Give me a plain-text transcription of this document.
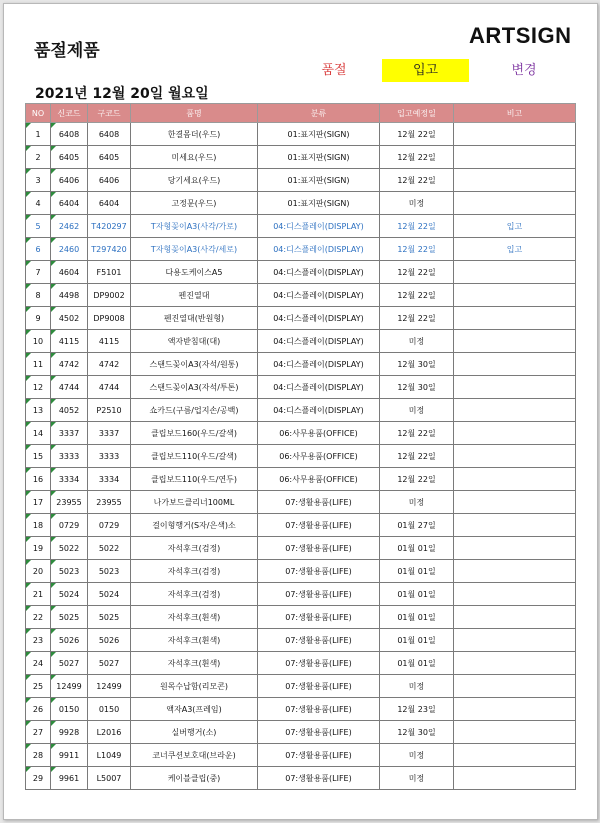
품절제품
ARTSIGN
품절	입고	변경
2021년 12월 20일 월요일
NO	신코드	구코드	품명	분류	입고예정일	비고
1	6408	6408	한결몸더(우드)	01:표지판(SIGN)	12월 22일	
2	6405	6405	미세요(우드)	01:표지판(SIGN)	12월 22일	
3	6406	6406	당기세요(우드)	01:표지판(SIGN)	12월 22일	
4	6404	6404	고정문(우드)	01:표지판(SIGN)	미정	
5	2462	T420297	T자형꽂이A3(사각/가로)	04:디스플레이(DISPLAY)	12월 22일	입고
6	2460	T297420	T자형꽂이A3(사각/세로)	04:디스플레이(DISPLAY)	12월 22일	입고
7	4604	F5101	다용도케이스A5	04:디스플레이(DISPLAY)	12월 22일	
8	4498	DP9002	펜진열대	04:디스플레이(DISPLAY)	12월 22일	
9	4502	DP9008	펜진열대(반원형)	04:디스플레이(DISPLAY)	12월 22일	
10	4115	4115	액자받침대(대)	04:디스플레이(DISPLAY)	미정	
11	4742	4742	스탠드꽂이A3(자석/원통)	04:디스플레이(DISPLAY)	12월 30일	
12	4744	4744	스탠드꽂이A3(자석/투톤)	04:디스플레이(DISPLAY)	12월 30일	
13	4052	P2510	쇼카드(구름/업지손/공백)	04:디스플레이(DISPLAY)	미정	
14	3337	3337	클립보드160(우드/갈색)	06:사무용품(OFFICE)	12월 22일	
15	3333	3333	클립보드110(우드/갈색)	06:사무용품(OFFICE)	12월 22일	
16	3334	3334	클립보드110(우드/연두)	06:사무용품(OFFICE)	12월 22일	
17	23955	23955	나가보드클리너100ML	07:생활용품(LIFE)	미정	
18	0729	0729	걸이형행거(S자/은색)소	07:생활용품(LIFE)	01월 27일	
19	5022	5022	자석후크(검정)	07:생활용품(LIFE)	01월 01일	
20	5023	5023	자석후크(검정)	07:생활용품(LIFE)	01월 01일	
21	5024	5024	자석후크(검정)	07:생활용품(LIFE)	01월 01일	
22	5025	5025	자석후크(흰색)	07:생활용품(LIFE)	01월 01일	
23	5026	5026	자석후크(흰색)	07:생활용품(LIFE)	01월 01일	
24	5027	5027	자석후크(흰색)	07:생활용품(LIFE)	01월 01일	
25	12499	12499	원목수납함(리모콘)	07:생활용품(LIFE)	미정	
26	0150	0150	액자A3(프레임)	07:생활용품(LIFE)	12월 23일	
27	9928	L2016	실버행거(소)	07:생활용품(LIFE)	12월 30일	
28	9911	L1049	코너쿠션보호대(브라운)	07:생활용품(LIFE)	미정	
29	9961	L5007	케이블클립(중)	07:생활용품(LIFE)	미정	
